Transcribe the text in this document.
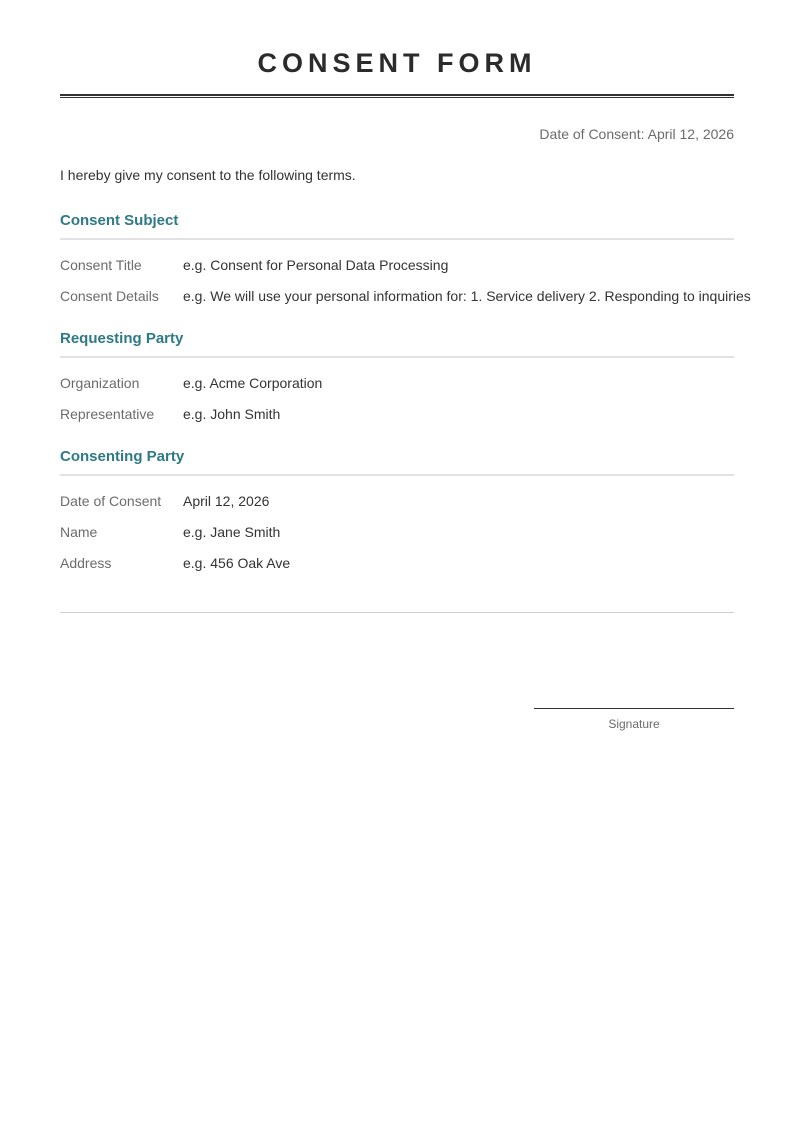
CONSENT FORM
Date of Consent: April 12, 2026
I hereby give my consent to the following terms.
Consent Subject
Consent Title	e.g. Consent for Personal Data Processing
Consent Details e.g. We will use your personal information for: 1. Service delivery 2. Responding to inquiries
Requesting Party
Organization	e.g. Acme Corporation
Representative e.g. John Smith
Consenting Party
Date of Consent April 12, 2026
Name	e.g. Jane Smith
Address	e.g. 456 Oak Ave
Signature
